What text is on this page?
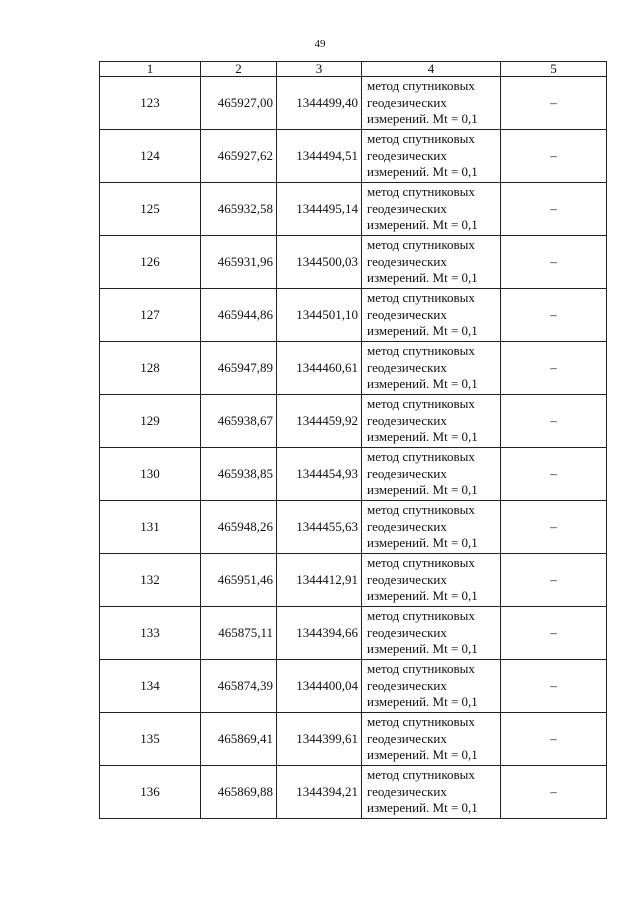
49
1	2	3	4	5
123	465927,00	1344499,40	метод спутниковых
геодезических
измерений. Mt = 0,1	–
124	465927,62	1344494,51	метод спутниковых
геодезических
измерений. Mt = 0,1	–
125	465932,58	1344495,14	метод спутниковых
геодезических
измерений. Mt = 0,1	–
126	465931,96	1344500,03	метод спутниковых
геодезических
измерений. Mt = 0,1	–
127	465944,86	1344501,10	метод спутниковых
геодезических
измерений. Mt = 0,1	–
128	465947,89	1344460,61	метод спутниковых
геодезических
измерений. Mt = 0,1	–
129	465938,67	1344459,92	метод спутниковых
геодезических
измерений. Mt = 0,1	–
130	465938,85	1344454,93	метод спутниковых
геодезических
измерений. Mt = 0,1	–
131	465948,26	1344455,63	метод спутниковых
геодезических
измерений. Mt = 0,1	–
132	465951,46	1344412,91	метод спутниковых
геодезических
измерений. Mt = 0,1	–
133	465875,11	1344394,66	метод спутниковых
геодезических
измерений. Mt = 0,1	–
134	465874,39	1344400,04	метод спутниковых
геодезических
измерений. Mt = 0,1	–
135	465869,41	1344399,61	метод спутниковых
геодезических
измерений. Mt = 0,1	–
136	465869,88	1344394,21	метод спутниковых
геодезических
измерений. Mt = 0,1	–
